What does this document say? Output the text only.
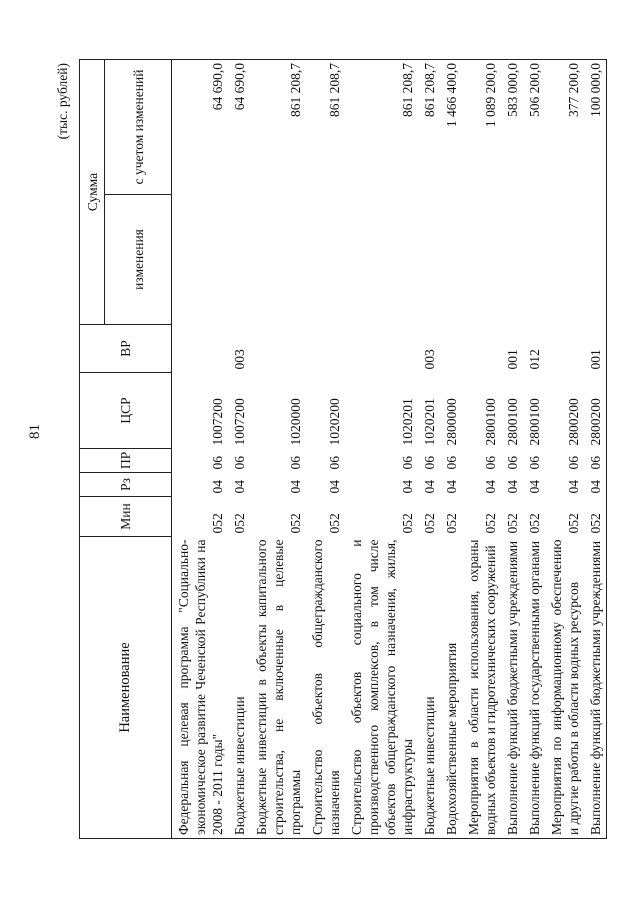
81
(тыс. рублей)
Наименование	Мин	Рз	ПР	ЦСР	ВР	Сумма	
						изменения	с учетом изменений
Федеральная целевая программа "Социально-экономическое развитие Чеченской Республики на 2008 - 2011 годы"	052	04	06	1007200			64 690,0
Бюджетные инвестиции	052	04	06	1007200	003		64 690,0
Бюджетные инвестиции в объекты капитального строительства, не включенные в целевые программы	052	04	06	1020000			861 208,7
Строительство объектов общегражданского назначения	052	04	06	1020200			861 208,7
Строительство объектов социального и производственного комплексов, в том числе объектов общегражданского назначения, жилья, инфраструктуры	052	04	06	1020201			861 208,7
Бюджетные инвестиции	052	04	06	1020201	003		861 208,7
Водохозяйственные мероприятия	052	04	06	2800000			1 466 400,0
Мероприятия в области использования, охраны водных объектов и гидротехнических сооружений	052	04	06	2800100			1 089 200,0
Выполнение функций бюджетными учреждениями	052	04	06	2800100	001		583 000,0
Выполнение функций государственными органами	052	04	06	2800100	012		506 200,0
Мероприятия по информационному обеспечению и другие работы в области водных ресурсов	052	04	06	2800200			377 200,0
Выполнение функций бюджетными учреждениями	052	04	06	2800200	001		100 000,0
